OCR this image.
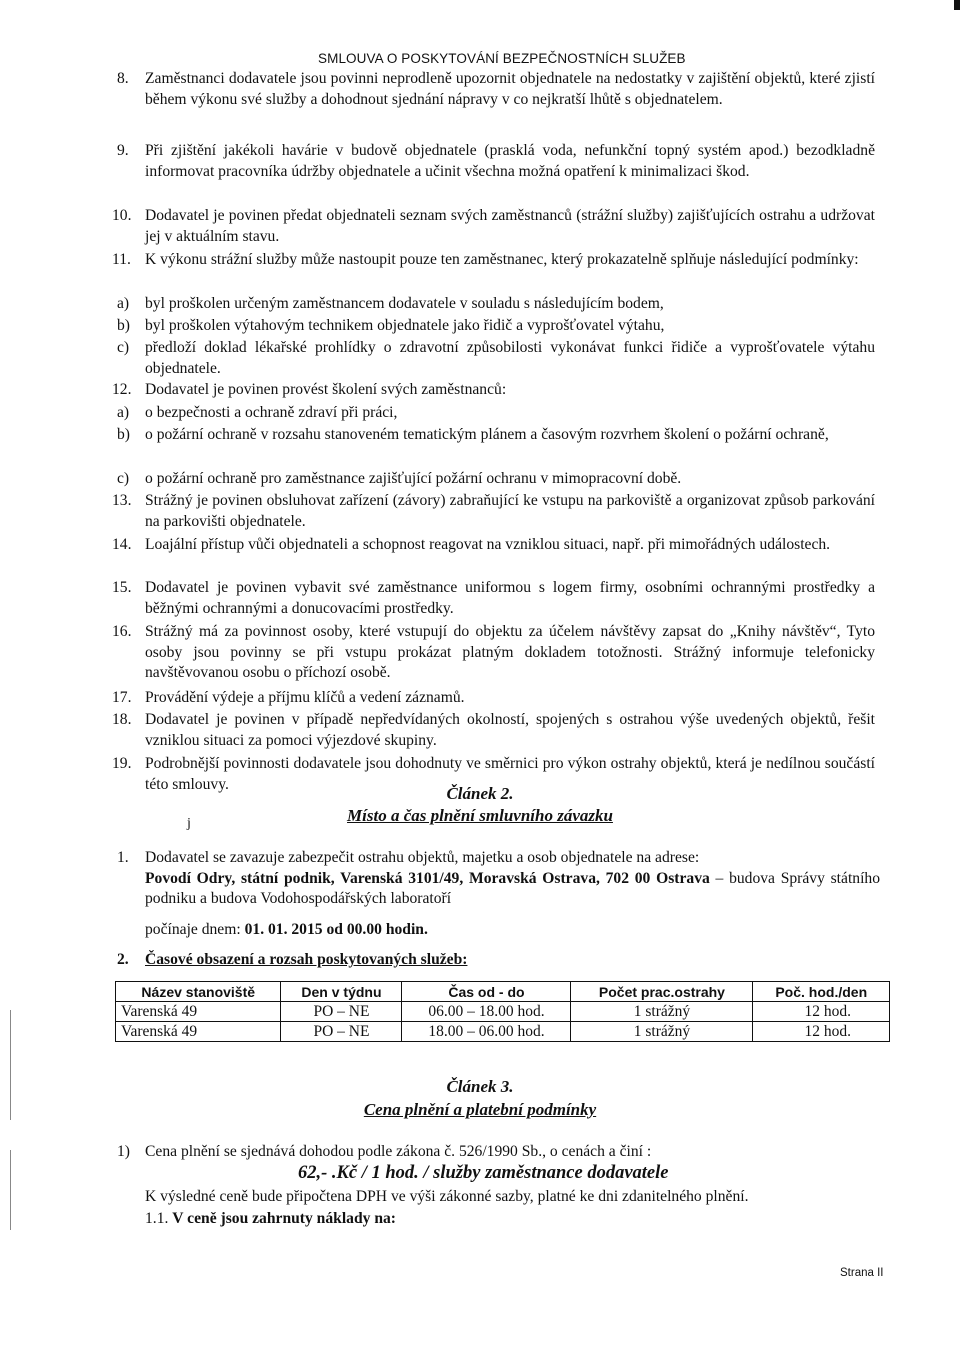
j
SMLOUVA O POSKYTOVÁNÍ BEZPEČNOSTNÍCH SLUŽEB
8. Zaměstnanci dodavatele jsou povinni neprodleně upozornit objednatele na nedostatky v zajištění objektů, které zjistí během výkonu své služby a dohodnout sjednání nápravy v co nejkratší lhůtě s objednatelem.
9. Při zjištění jakékoli havárie v budově objednatele (prasklá voda, nefunkční topný systém apod.) bezodkladně informovat pracovníka údržby objednatele a učinit všechna možná opatření k minimalizaci škod.
10. Dodavatel je povinen předat objednateli seznam svých zaměstnanců (strážní služby) zajišťujících ostrahu a udržovat jej v aktuálním stavu.
11. K výkonu strážní služby může nastoupit pouze ten zaměstnanec, který prokazatelně splňuje následující podmínky:
a) byl proškolen určeným zaměstnancem dodavatele v souladu s následujícím bodem,
b) byl proškolen výtahovým technikem objednatele jako řidič a vyprošťovatel výtahu,
c) předloží doklad lékařské prohlídky o zdravotní způsobilosti vykonávat funkci řidiče a vyprošťovatele výtahu objednatele.
12. Dodavatel je povinen provést školení svých zaměstnanců:
a) o bezpečnosti a ochraně zdraví při práci,
b) o požární ochraně v rozsahu stanoveném tematickým plánem a časovým rozvrhem školení o požární ochraně,
c) o požární ochraně pro zaměstnance zajišťující požární ochranu v mimopracovní době.
13. Strážný je povinen obsluhovat zařízení (závory) zabraňující ke vstupu na parkoviště a organizovat způsob parkování na parkovišti objednatele.
14. Loajální přístup vůči objednateli a schopnost reagovat na vzniklou situaci, např. při mimořádných událostech.
15. Dodavatel je povinen vybavit své zaměstnance uniformou s logem firmy, osobními ochrannými prostředky a běžnými ochrannými a donucovacími prostředky.
16. Strážný má za povinnost osoby, které vstupují do objektu za účelem návštěvy zapsat do „Knihy návštěv“, Tyto osoby jsou povinny se při vstupu prokázat platným dokladem totožnosti. Strážný informuje telefonicky navštěvovanou osobu o příchozí osobě.
17. Provádění výdeje a příjmu klíčů a vedení záznamů.
18. Dodavatel je povinen v případě nepředvídaných okolností, spojených s ostrahou výše uvedených objektů, řešit vzniklou situaci za pomoci výjezdové skupiny.
19. Podrobnější povinnosti dodavatele jsou dohodnuty ve směrnici pro výkon ostrahy objektů, která je nedílnou součástí této smlouvy.	Článek 2.
Místo a čas plnění smluvního závazku
1. Dodavatel se zavazuje zabezpečit ostrahu objektů, majetku a osob objednatele na adrese:
Povodí Odry, státní podnik, Varenská 3101/49, Moravská Ostrava, 702 00 Ostrava – budova Správy státního podniku a budova Vodohospodářských laboratoří
počínaje dnem: 01. 01. 2015 od 00.00 hodin.
2. Časové obsazení a rozsah poskytovaných služeb:
Název stanoviště	Den v týdnu	Čas od - do	Počet prac.ostrahy	Poč. hod./den
Varenská 49	PO – NE	06.00 – 18.00 hod.	1 strážný	12 hod.
Varenská 49	PO – NE	18.00 – 06.00 hod.	1 strážný	12 hod.
Článek 3.
Cena plnění a platební podmínky
1) Cena plnění se sjednává dohodou podle zákona č. 526/1990 Sb., o cenách a činí :
62,- .Kč / 1 hod. / služby zaměstnance dodavatele
K výsledné ceně bude připočtena DPH ve výši zákonné sazby, platné ke dni zdanitelného plnění.
1.1. V ceně jsou zahrnuty náklady na:
Strana II
